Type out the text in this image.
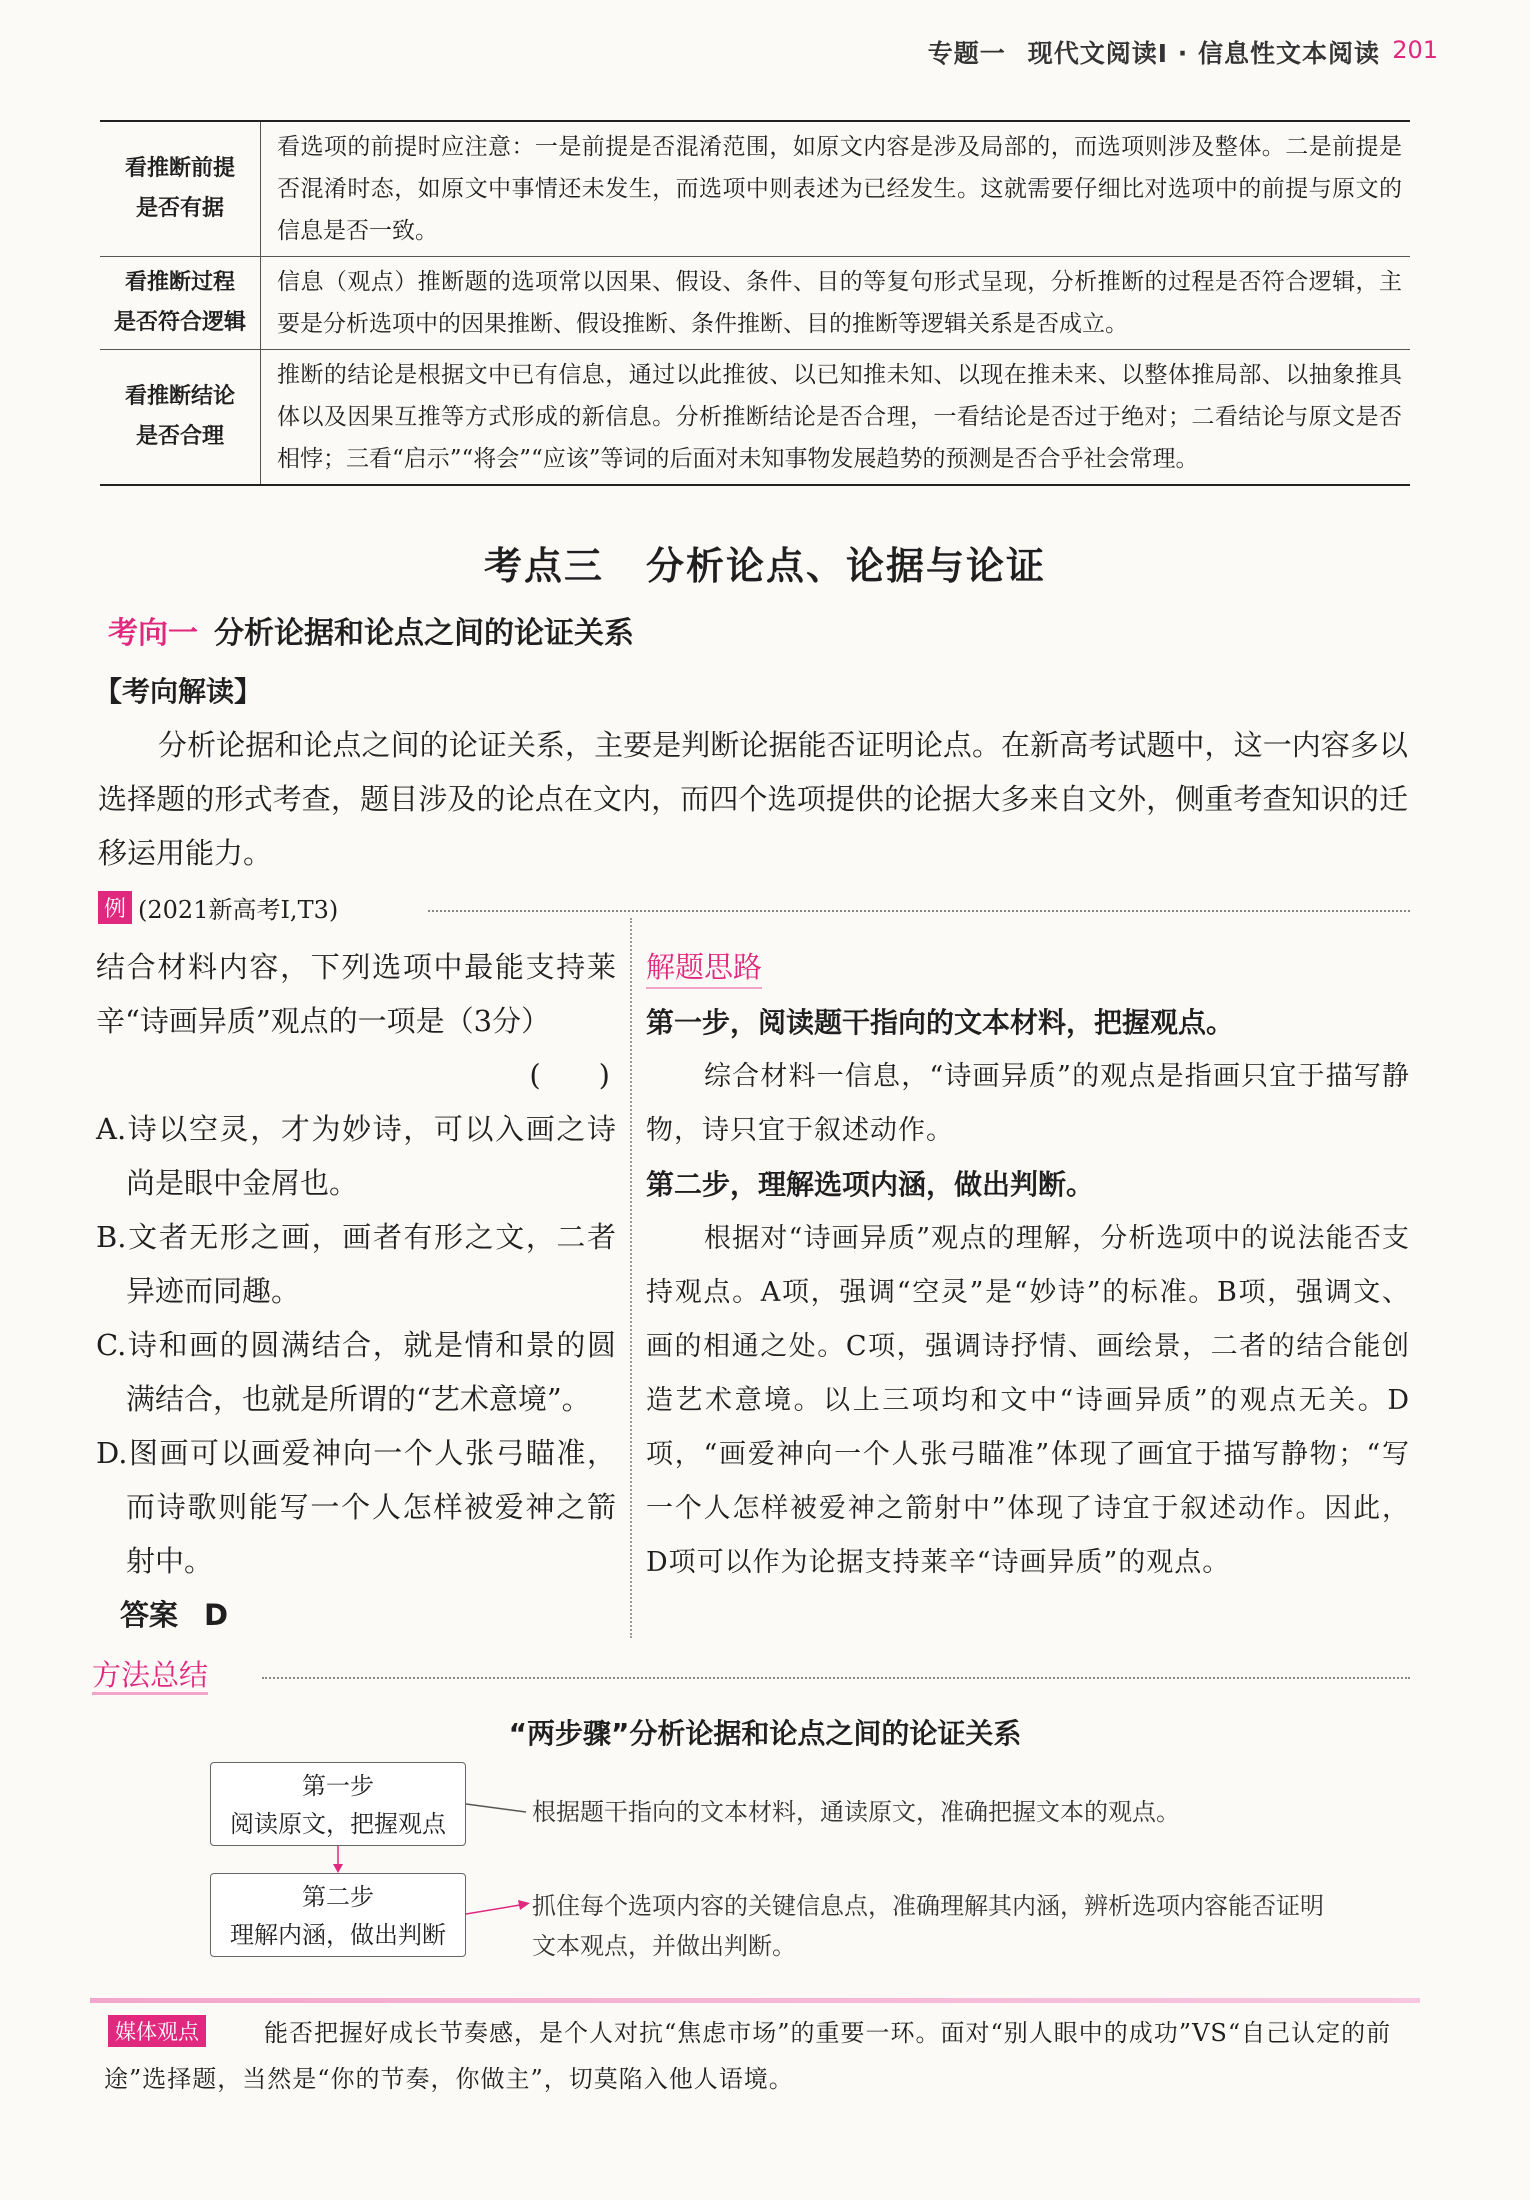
专题一 现代文阅读Ⅰ · 信息性文本阅读 201
看推断前提
是否有据	看选项的前提时应注意：一是前提是否混淆范围，如原文内容是涉及局部的，而选项则涉及整体。二是前提是否混淆时态，如原文中事情还未发生，而选项中则表述为已经发生。这就需要仔细比对选项中的前提与原文的信息是否一致。

看推断过程
是否符合逻辑	信息（观点）推断题的选项常以因果、假设、条件、目的等复句形式呈现，分析推断的过程是否符合逻辑，主要是分析选项中的因果推断、假设推断、条件推断、目的推断等逻辑关系是否成立。

看推断结论
是否合理	推断的结论是根据文中已有信息，通过以此推彼、以已知推未知、以现在推未来、以整体推局部、以抽象推具体以及因果互推等方式形成的新信息。分析推断结论是否合理，一看结论是否过于绝对；二看结论与原文是否相悖；三看“启示”“将会”“应该”等词的后面对未知事物发展趋势的预测是否合乎社会常理。
考点三 分析论点、论据与论证
考向一 分析论据和论点之间的论证关系
【考向解读】
分析论据和论点之间的论证关系，主要是判断论据能否证明论点。在新高考试题中，这一内容多以选择题的形式考查，题目涉及的论点在文内，而四个选项提供的论据大多来自文外，侧重考查知识的迁移运用能力。
例 (2021新高考Ⅰ,T3)
结合材料内容，下列选项中最能支持莱辛“诗画异质”观点的一项是（3分）
(　　)
A.诗以空灵，才为妙诗，可以入画之诗尚是眼中金屑也。
B.文者无形之画，画者有形之文，二者异迹而同趣。
C.诗和画的圆满结合，就是情和景的圆满结合，也就是所谓的“艺术意境”。
D.图画可以画爱神向一个人张弓瞄准，而诗歌则能写一个人怎样被爱神之箭射中。
答案 D
解题思路
第一步，阅读题干指向的文本材料，把握观点。
综合材料一信息，“诗画异质”的观点是指画只宜于描写静物，诗只宜于叙述动作。
第二步，理解选项内涵，做出判断。
根据对“诗画异质”观点的理解，分析选项中的说法能否支持观点。A项，强调“空灵”是“妙诗”的标准。B项，强调文、画的相通之处。C项，强调诗抒情、画绘景，二者的结合能创造艺术意境。以上三项均和文中“诗画异质”的观点无关。D项，“画爱神向一个人张弓瞄准”体现了画宜于描写静物；“写一个人怎样被爱神之箭射中”体现了诗宜于叙述动作。因此，D项可以作为论据支持莱辛“诗画异质”的观点。
方法总结
“两步骤”分析论据和论点之间的论证关系
第一步
阅读原文，把握观点	根据题干指向的文本材料，通读原文，准确把握文本的观点。
第二步
理解内涵，做出判断
抓住每个选项内容的关键信息点，准确理解其内涵，辨析选项内容能否证明文本观点，并做出判断。
能否把握好成长节奏感，是个人对抗“焦虑市场”的重要一环。面对“别人眼中的成功”VS“自己认定的前途”选择题，当然是“你的节奏，你做主”，切莫陷入他人语境。
媒体观点
